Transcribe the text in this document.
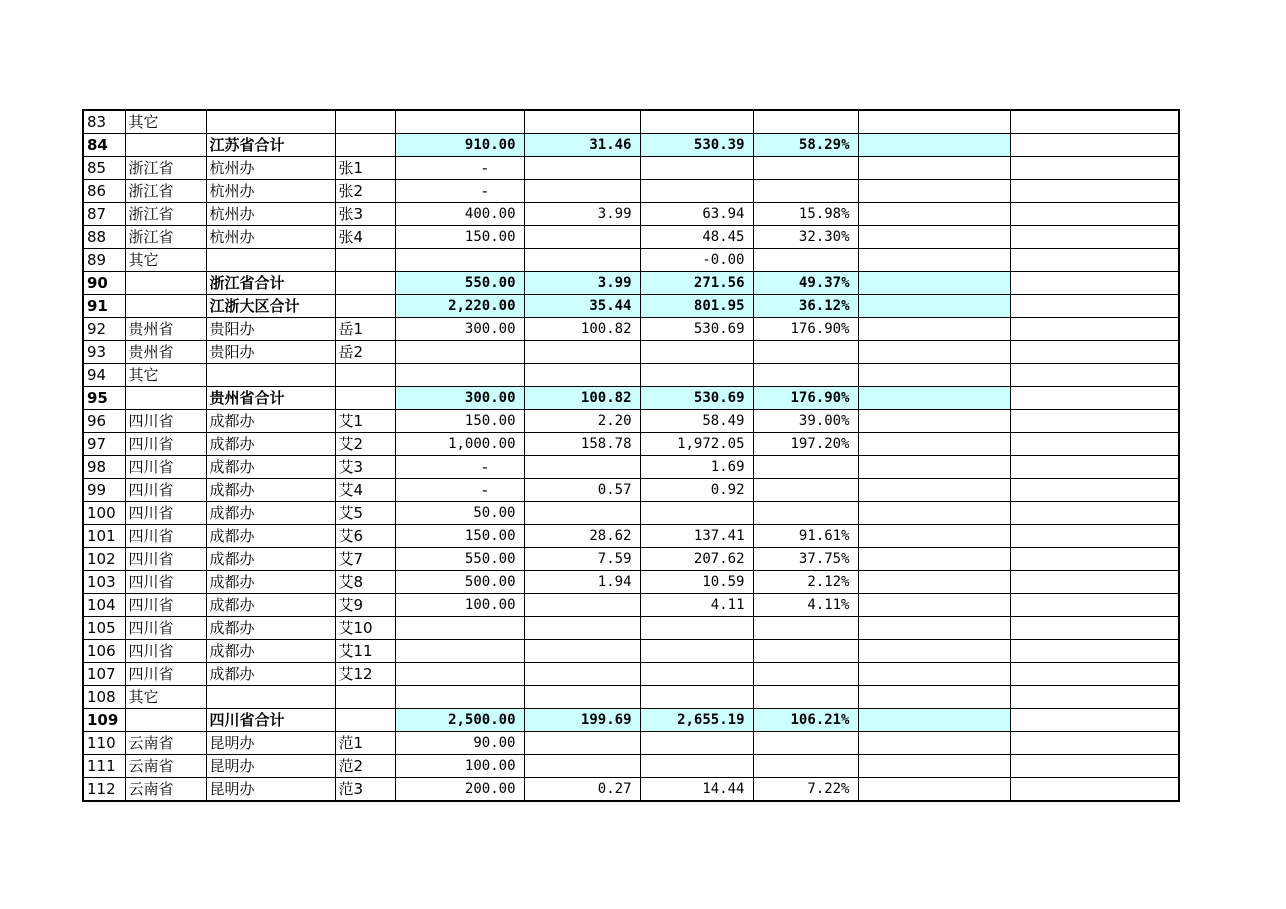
83	其它								
84		江苏省合计		910.00	31.46	530.39	58.29%		
85	浙江省	杭州办	张1	-					
86	浙江省	杭州办	张2	-					
87	浙江省	杭州办	张3	400.00	3.99	63.94	15.98%		
88	浙江省	杭州办	张4	150.00		48.45	32.30%		
89	其它					-0.00			
90		浙江省合计		550.00	3.99	271.56	49.37%		
91		江浙大区合计		2,220.00	35.44	801.95	36.12%		
92	贵州省	贵阳办	岳1	300.00	100.82	530.69	176.90%		
93	贵州省	贵阳办	岳2						
94	其它								
95		贵州省合计		300.00	100.82	530.69	176.90%		
96	四川省	成都办	艾1	150.00	2.20	58.49	39.00%		
97	四川省	成都办	艾2	1,000.00	158.78	1,972.05	197.20%		
98	四川省	成都办	艾3	-		1.69			
99	四川省	成都办	艾4	-	0.57	0.92			
100	四川省	成都办	艾5	50.00					
101	四川省	成都办	艾6	150.00	28.62	137.41	91.61%		
102	四川省	成都办	艾7	550.00	7.59	207.62	37.75%		
103	四川省	成都办	艾8	500.00	1.94	10.59	2.12%		
104	四川省	成都办	艾9	100.00		4.11	4.11%		
105	四川省	成都办	艾10						
106	四川省	成都办	艾11						
107	四川省	成都办	艾12						
108	其它								
109		四川省合计		2,500.00	199.69	2,655.19	106.21%		
110	云南省	昆明办	范1	90.00					
111	云南省	昆明办	范2	100.00					
112	云南省	昆明办	范3	200.00	0.27	14.44	7.22%		
